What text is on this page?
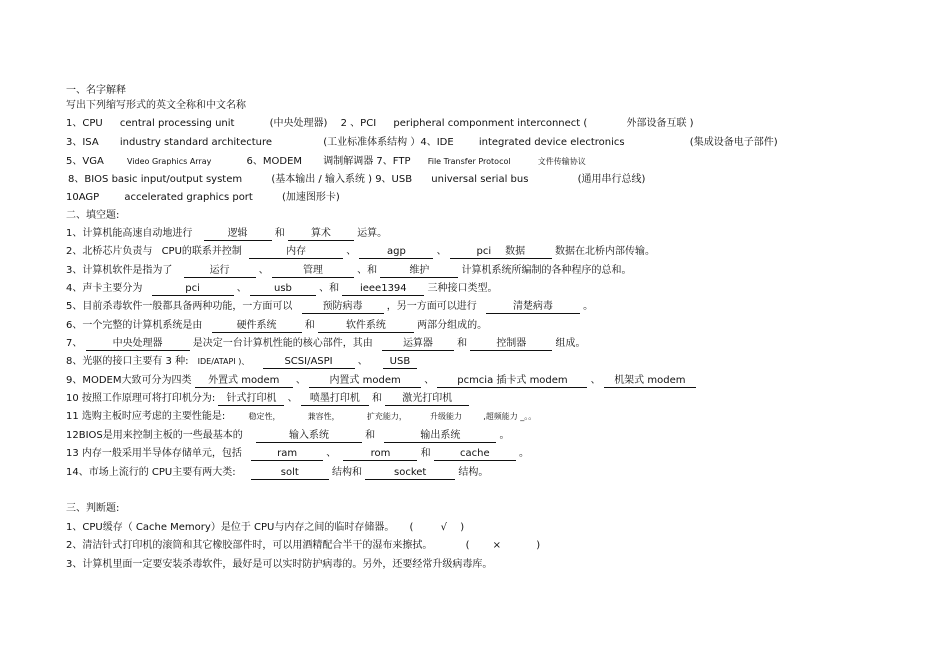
一、名字解释
写出下列缩写形式的英文全称和中文名称
1、CPU central processing unit	(中央处理器) 2 、PCI peripheral componment interconnect (	外部设备互联 )
3、ISA industry standard architecture	(工业标准体系结构 ）4、IDE	integrated device electronics	(集成设备电子部件)
5、VGA	Video Graphics Array	6、MODEM 调制解调器 7、FTP File Transfer Protocol	文件传输协议
8、BIOS basic input/output system	(基本输出 / 输入系统 ) 9、USB universal serial bus	(通用串行总线)
10AGP	accelerated graphics port	(加速图形卡)
二、填空题:
1、计算机能高速自动地进行	逻辑	和	算术	运算。
2、北桥芯片负责与 CPU的联系并控制	内存	、	agp	、	pci 数据	数据在北桥内部传输。
3、计算机软件是指为了	运行	、	管理	、和	维护	计算机系统所编制的各种程序的总和。
4、声卡主要分为	pci	、	usb	、和 ieee1394 三种接口类型。
5、目前杀毒软件一般都具备两种功能，一方面可以	预防病毒 ，另一方面可以进行	清楚病毒	。
6、一个完整的计算机系统是由	硬件系统	和	软件系统	两部分组成的。
7、	中央处理器	是决定一台计算机性能的核心部件，其由	运算器 和	控制器	组成。
8、光驱的接口主要有 3 种: IDE/ATAPI )、	SCSI/ASPI	、 USB
9、MODEM大致可分为四类 外置式 modem 、 内置式 modem 、 pcmcia 插卡式 modem 、 机架式 modem
10 按照工作原理可将打印机分为: 针式打印机 、 喷墨打印机 和 激光打印机
11 选购主板时应考虑的主要性能是:	稳定性，	兼容性，	扩充能力，	升级能力	,超频能力 _。。
12BIOS是用来控制主板的一些最基本的	输入系统	和	输出系统	。
13 内存一般采用半导体存储单元，包括	ram	、	rom	和	cache	。
14、市场上流行的 CPU主要有两大类:	solt	结构和	socket	结构。
三、判断题:
1、CPU缓存（ Cache Memory）是位于 CPU与内存之间的临时存储器。 (	√ )
2、清洁针式打印机的滚筒和其它橡胶部件时，可以用酒精配合半干的湿布来擦拭。	( ×	)
3、计算机里面一定要安装杀毒软件，最好是可以实时防护病毒的。另外，还要经常升级病毒库。
